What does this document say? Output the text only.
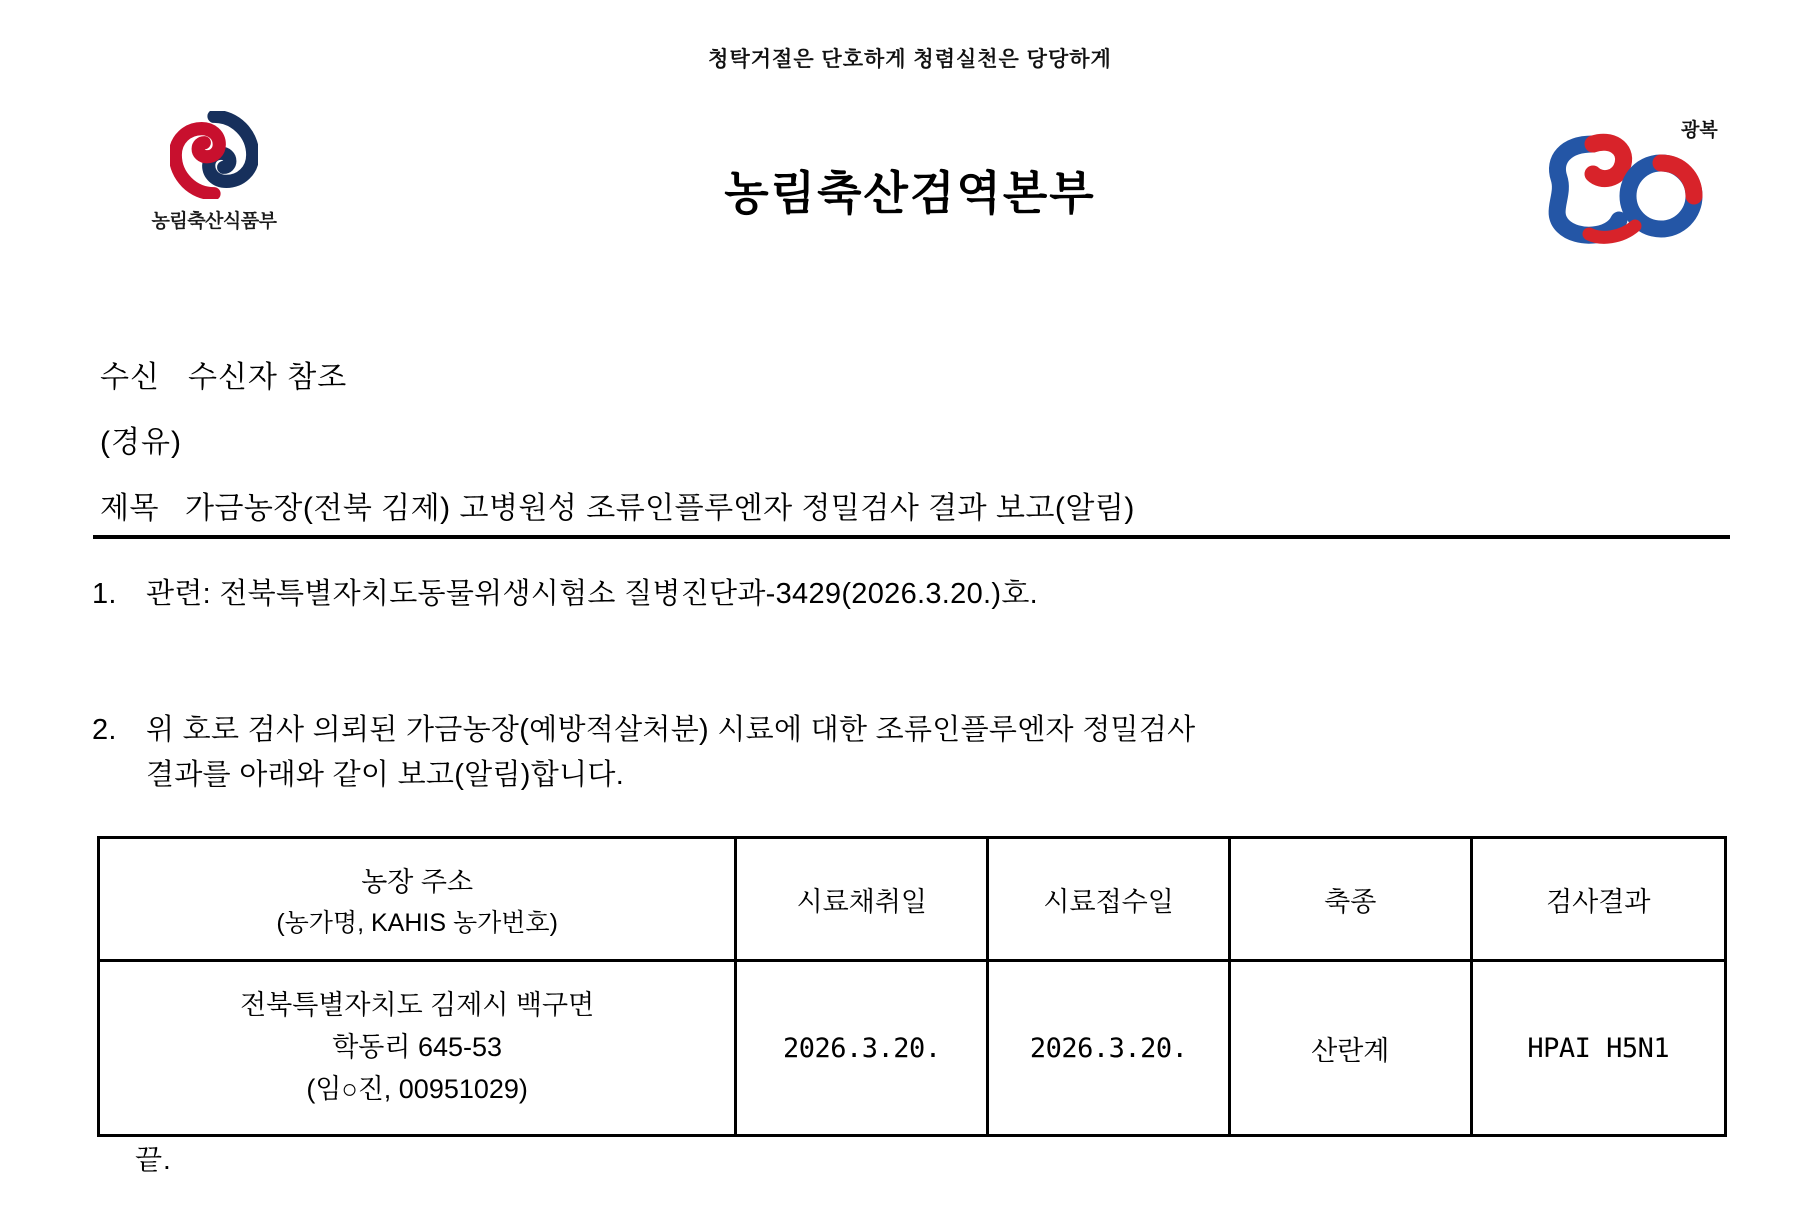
청탁거절은 단호하게 청렴실천은 당당하게
농림축산식품부
농림축산검역본부
광복
수신 수신자 참조
(경유)
제목 가금농장(전북 김제) 고병원성 조류인플루엔자 정밀검사 결과 보고(알림)
1. 관련: 전북특별자치도동물위생시험소 질병진단과-3429(2026.3.20.)호.
2. 위 호로 검사 의뢰된 가금농장(예방적살처분) 시료에 대한 조류인플루엔자 정밀검사
결과를 아래와 같이 보고(알림)합니다.
농장 주소
(농가명, KAHIS 농가번호)	시료채취일	시료접수일	축종	검사결과

전북특별자치도 김제시 백구면
학동리 645-53
(임○진, 00951029)	2026.3.20.	2026.3.20.	산란계	HPAI H5N1
끝.
